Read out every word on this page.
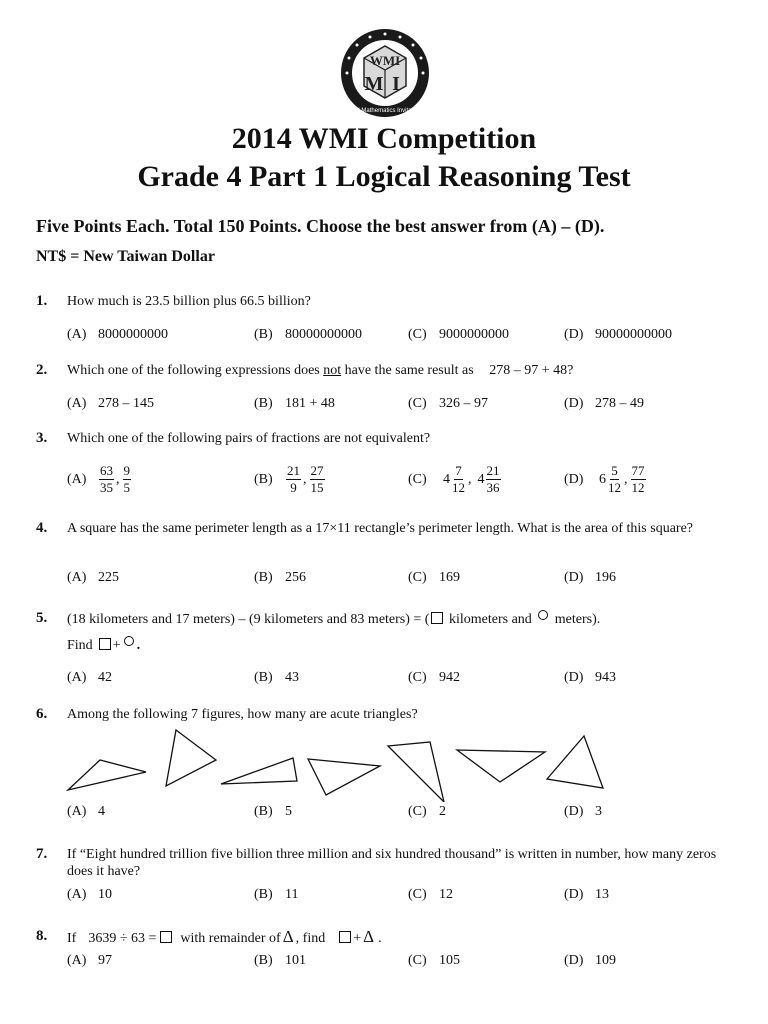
WMI
M I
World Mathematics Invitational
2014 WMI Competition
Grade 4 Part 1 Logical Reasoning Test
Five Points Each. Total 150 Points. Choose the best answer from (A) – (D).
NT$ = New Taiwan Dollar
1. How much is 23.5 billion plus 66.5 billion?
(A) 8000000000	(B) 80000000000	(C) 9000000000	(D) 90000000000
2. Which one of the following expressions does not have the same result as 278 – 97 + 48?
(A) 278 – 145	(B) 181 + 48	(C) 326 – 97	(D) 278 – 49
3. Which one of the following pairs of fractions are not equivalent?
$(A) \frac{63}{35}$ , $\frac{9}{5}$	$(B) \frac{21}{9}$ , $\frac{27}{15}$	(C) $4 \frac{7}{12}$ , $4 \frac{21}{36}$	(D) $6 \frac{5}{12}$ , $\frac{77}{12}$
4. A square has the same perimeter length as a 17×11 rectangle’s perimeter length. What is the area of this square?
(A) 225	(B) 256	(C) 169	(D) 196
5. (18 kilometers and 17 meters) – (9 kilometers and 83 meters) = ( kilometers and  meters).
Find + .
(A) 42	(B) 43	(C) 942	(D) 943
6. Among the following 7 figures, how many are acute triangles?
(A) 4	(B) 5	(C) 2	(D) 3
7. If “Eight hundred trillion five billion three million and six hundred thousand” is written in number, how many zeros does it have?
(A) 10	(B) 11	(C) 12	(D) 13
8. If 3639 ÷ 63 = with remainder of Δ , find + Δ .
(A) 97	(B) 101	(C) 105	(D) 109
